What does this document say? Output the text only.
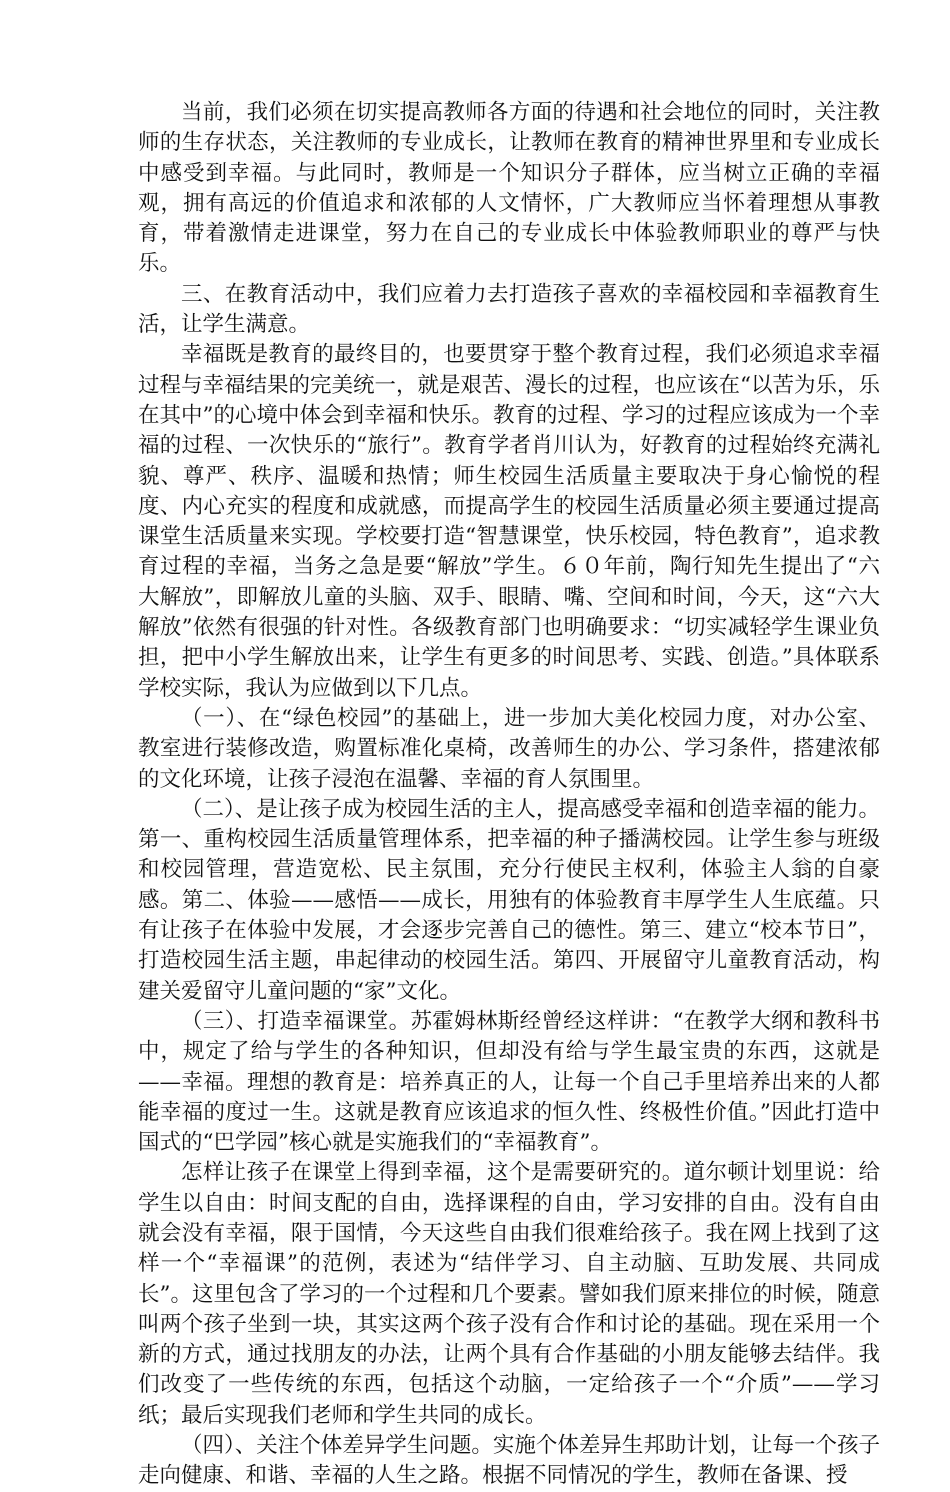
当前，我们必须在切实提高教师各方面的待遇和社会地位的同时，关注教师的生存状态，关注教师的专业成长，让教师在教育的精神世界里和专业成长中感受到幸福。与此同时，教师是一个知识分子群体，应当树立正确的幸福观，拥有高远的价值追求和浓郁的人文情怀，广大教师应当怀着理想从事教育，带着激情走进课堂，努力在自己的专业成长中体验教师职业的尊严与快乐。

三、在教育活动中，我们应着力去打造孩子喜欢的幸福校园和幸福教育生活，让学生满意。

幸福既是教育的最终目的，也要贯穿于整个教育过程，我们必须追求幸福过程与幸福结果的完美统一，就是艰苦、漫长的过程，也应该在“以苦为乐，乐在其中”的心境中体会到幸福和快乐。教育的过程、学习的过程应该成为一个幸福的过程、一次快乐的“旅行”。教育学者肖川认为，好教育的过程始终充满礼貌、尊严、秩序、温暖和热情；师生校园生活质量主要取决于身心愉悦的程度、内心充实的程度和成就感，而提高学生的校园生活质量必须主要通过提高课堂生活质量来实现。学校要打造“智慧课堂，快乐校园，特色教育”，追求教育过程的幸福，当务之急是要“解放”学生。６０年前，陶行知先生提出了“六大解放”，即解放儿童的头脑、双手、眼睛、嘴、空间和时间，今天，这“六大解放”依然有很强的针对性。各级教育部门也明确要求：“切实减轻学生课业负担，把中小学生解放出来，让学生有更多的时间思考、实践、创造。”具体联系学校实际，我认为应做到以下几点。

（一）、在“绿色校园”的基础上，进一步加大美化校园力度，对办公室、教室进行装修改造，购置标准化桌椅，改善师生的办公、学习条件，搭建浓郁的文化环境，让孩子浸泡在温馨、幸福的育人氛围里。

（二）、是让孩子成为校园生活的主人，提高感受幸福和创造幸福的能力。第一、重构校园生活质量管理体系，把幸福的种子播满校园。让学生参与班级和校园管理，营造宽松、民主氛围，充分行使民主权利，体验主人翁的自豪感。第二、体验——感悟——成长，用独有的体验教育丰厚学生人生底蕴。只有让孩子在体验中发展，才会逐步完善自己的德性。第三、建立“校本节日”，打造校园生活主题，串起律动的校园生活。第四、开展留守儿童教育活动，构建关爱留守儿童问题的“家”文化。

（三）、打造幸福课堂。苏霍姆林斯经曾经这样讲：“在教学大纲和教科书中，规定了给与学生的各种知识，但却没有给与学生最宝贵的东西，这就是——幸福。理想的教育是：培养真正的人，让每一个自己手里培养出来的人都能幸福的度过一生。这就是教育应该追求的恒久性、终极性价值。”因此打造中国式的“巴学园”核心就是实施我们的“幸福教育”。

怎样让孩子在课堂上得到幸福，这个是需要研究的。道尔顿计划里说：给学生以自由：时间支配的自由，选择课程的自由，学习安排的自由。没有自由就会没有幸福，限于国情，今天这些自由我们很难给孩子。我在网上找到了这样一个“幸福课”的范例，表述为“结伴学习、自主动脑、互助发展、共同成长”。这里包含了学习的一个过程和几个要素。譬如我们原来排位的时候，随意叫两个孩子坐到一块，其实这两个孩子没有合作和讨论的基础。现在采用一个新的方式，通过找朋友的办法，让两个具有合作基础的小朋友能够去结伴。我们改变了一些传统的东西，包括这个动脑，一定给孩子一个“介质”——学习纸；最后实现我们老师和学生共同的成长。

（四）、关注个体差异学生问题。实施个体差异生邦助计划，让每一个孩子走向健康、和谐、幸福的人生之路。根据不同情况的学生，教师在备课、授
